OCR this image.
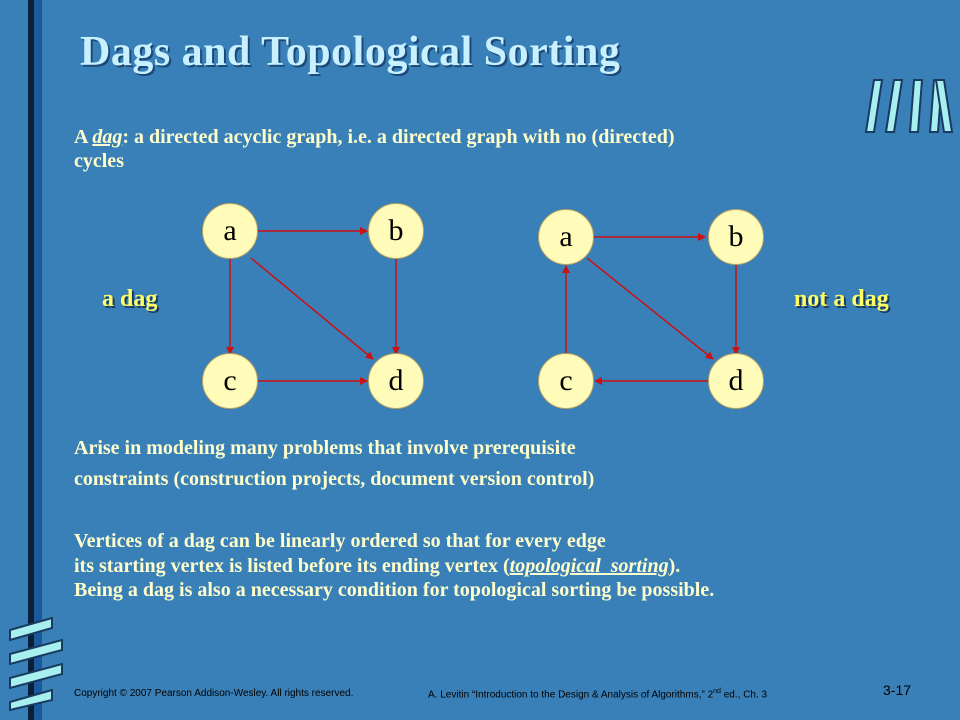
Dags and Topological Sorting
A dag: a directed acyclic graph, i.e. a directed graph with no (directed)
cycles
a dag	not a dag
a	b
c	d
a	b
c	d
Arise in modeling many problems that involve prerequisite
constraints (construction projects, document version control)
Vertices of a dag can be linearly ordered so that for every edge
its starting vertex is listed before its ending vertex (topological  sorting).
Being a dag is also a necessary condition for topological sorting be possible.
Copyright © 2007 Pearson Addison-Wesley. All rights reserved.	A. Levitin “Introduction to the Design & Analysis of Algorithms,” 2nd ed., Ch. 3	3-17
